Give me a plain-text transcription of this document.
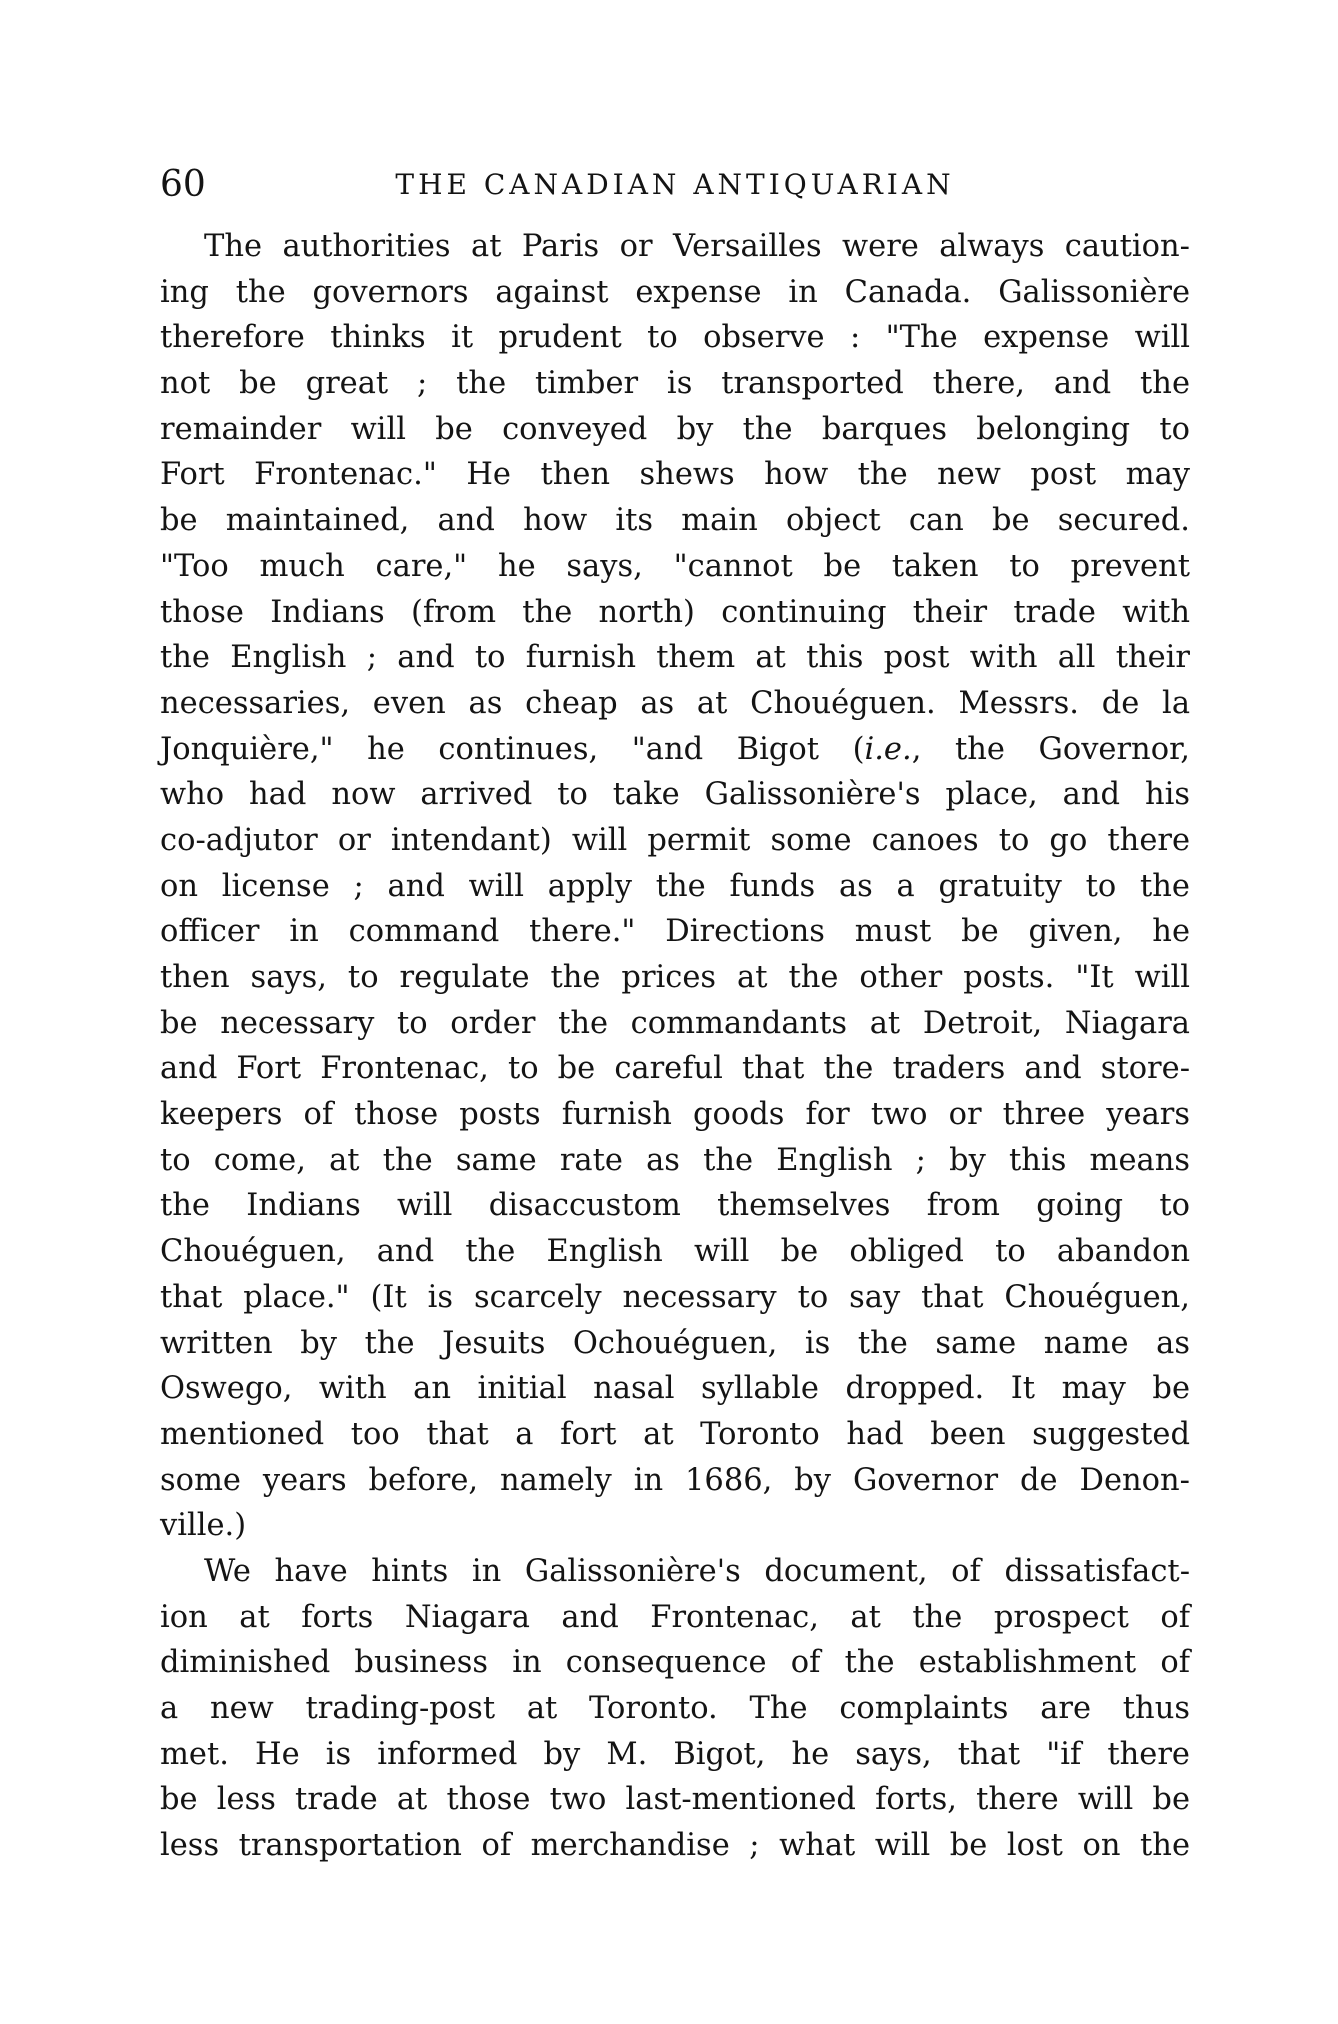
60	THE CANADIAN ANTIQUARIAN
The authorities at Paris or Versailles were always caution-
ing the governors against expense in Canada. Galissonière
therefore thinks it prudent to observe : "The expense will
not be great ; the timber is transported there, and the
remainder will be conveyed by the barques belonging to
Fort Frontenac." He then shews how the new post may
be maintained, and how its main object can be secured.
"Too much care," he says, "cannot be taken to prevent
those Indians (from the north) continuing their trade with
the English ; and to furnish them at this post with all their
necessaries, even as cheap as at Chouéguen. Messrs. de la
Jonquière," he continues, "and Bigot (i.e., the Governor,
who had now arrived to take Galissonière's place, and his
co-adjutor or intendant) will permit some canoes to go there
on license ; and will apply the funds as a gratuity to the
officer in command there." Directions must be given, he
then says, to regulate the prices at the other posts. "It will
be necessary to order the commandants at Detroit, Niagara
and Fort Frontenac, to be careful that the traders and store-
keepers of those posts furnish goods for two or three years
to come, at the same rate as the English ; by this means
the Indians will disaccustom themselves from going to
Chouéguen, and the English will be obliged to abandon
that place." (It is scarcely necessary to say that Chouéguen,
written by the Jesuits Ochouéguen, is the same name as
Oswego, with an initial nasal syllable dropped. It may be
mentioned too that a fort at Toronto had been suggested
some years before, namely in 1686, by Governor de Denon-
ville.)
We have hints in Galissonière's document, of dissatisfact-
ion at forts Niagara and Frontenac, at the prospect of
diminished business in consequence of the establishment of
a new trading-post at Toronto. The complaints are thus
met. He is informed by M. Bigot, he says, that "if there
be less trade at those two last-mentioned forts, there will be
less transportation of merchandise ; what will be lost on the
